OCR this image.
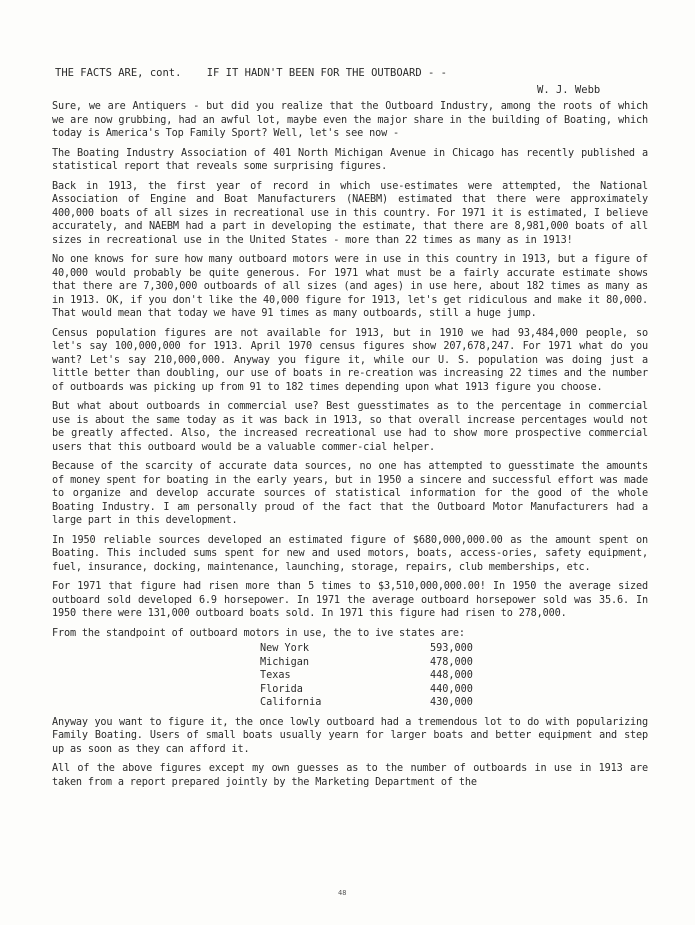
THE FACTS ARE, cont.    IF IT HADN'T BEEN FOR THE OUTBOARD - -
W. J. Webb

Sure, we are Antiquers - but did you realize that the Outboard Industry, among the roots of which we are now grubbing, had an awful lot, maybe even the major share in the building of Boating, which today is America's Top Family Sport? Well, let's see now -

The Boating Industry Association of 401 North Michigan Avenue in Chicago has recently published a statistical report that reveals some surprising figures.

Back in 1913, the first year of record in which use-estimates were attempted, the National Association of Engine and Boat Manufacturers (NAEBM) estimated that there were approximately 400,000 boats of all sizes in recreational use in this country. For 1971 it is estimated, I believe accurately, and NAEBM had a part in developing the estimate, that there are 8,981,000 boats of all sizes in recreational use in the United States - more than 22 times as many as in 1913!

No one knows for sure how many outboard motors were in use in this country in 1913, but a figure of 40,000 would probably be quite generous. For 1971 what must be a fairly accurate estimate shows that there are 7,300,000 outboards of all sizes (and ages) in use here, about 182 times as many as in 1913. OK, if you don't like the 40,000 figure for 1913, let's get ridiculous and make it 80,000. That would mean that today we have 91 times as many outboards, still a huge jump.

Census population figures are not available for 1913, but in 1910 we had 93,484,000 people, so let's say 100,000,000 for 1913. April 1970 census figures show 207,678,247. For 1971 what do you want? Let's say 210,000,000. Anyway you figure it, while our U. S. population was doing just a little better than doubling, our use of boats in re-creation was increasing 22 times and the number of outboards was picking up from 91 to 182 times depending upon what 1913 figure you choose.

But what about outboards in commercial use? Best guesstimates as to the percentage in commercial use is about the same today as it was back in 1913, so that overall increase percentages would not be greatly affected. Also, the increased recreational use had to show more prospective commercial users that this outboard would be a valuable commer-cial helper.

Because of the scarcity of accurate data sources, no one has attempted to guesstimate the amounts of money spent for boating in the early years, but in 1950 a sincere and successful effort was made to organize and develop accurate sources of statistical information for the good of the whole Boating Industry. I am personally proud of the fact that the Outboard Motor Manufacturers had a large part in this development.

In 1950 reliable sources developed an estimated figure of $680,000,000.00 as the amount spent on Boating. This included sums spent for new and used motors, boats, access-ories, safety equipment, fuel, insurance, docking, maintenance, launching, storage, repairs, club memberships, etc.

For 1971 that figure had risen more than 5 times to $3,510,000,000.00! In 1950 the average sized outboard sold developed 6.9 horsepower. In 1971 the average outboard horsepower sold was 35.6. In 1950 there were 131,000 outboard boats sold. In 1971 this figure had risen to 278,000.

From the standpoint of outboard motors in use, the to ive states are:

New York	593,000
Michigan	478,000
Texas	448,000
Florida	440,000
California	430,000

Anyway you want to figure it, the once lowly outboard had a tremendous lot to do with popularizing Family Boating. Users of small boats usually yearn for larger boats and better equipment and step up as soon as they can afford it.

All of the above figures except my own guesses as to the number of outboards in use in 1913 are taken from a report prepared jointly by the Marketing Department of the

48
